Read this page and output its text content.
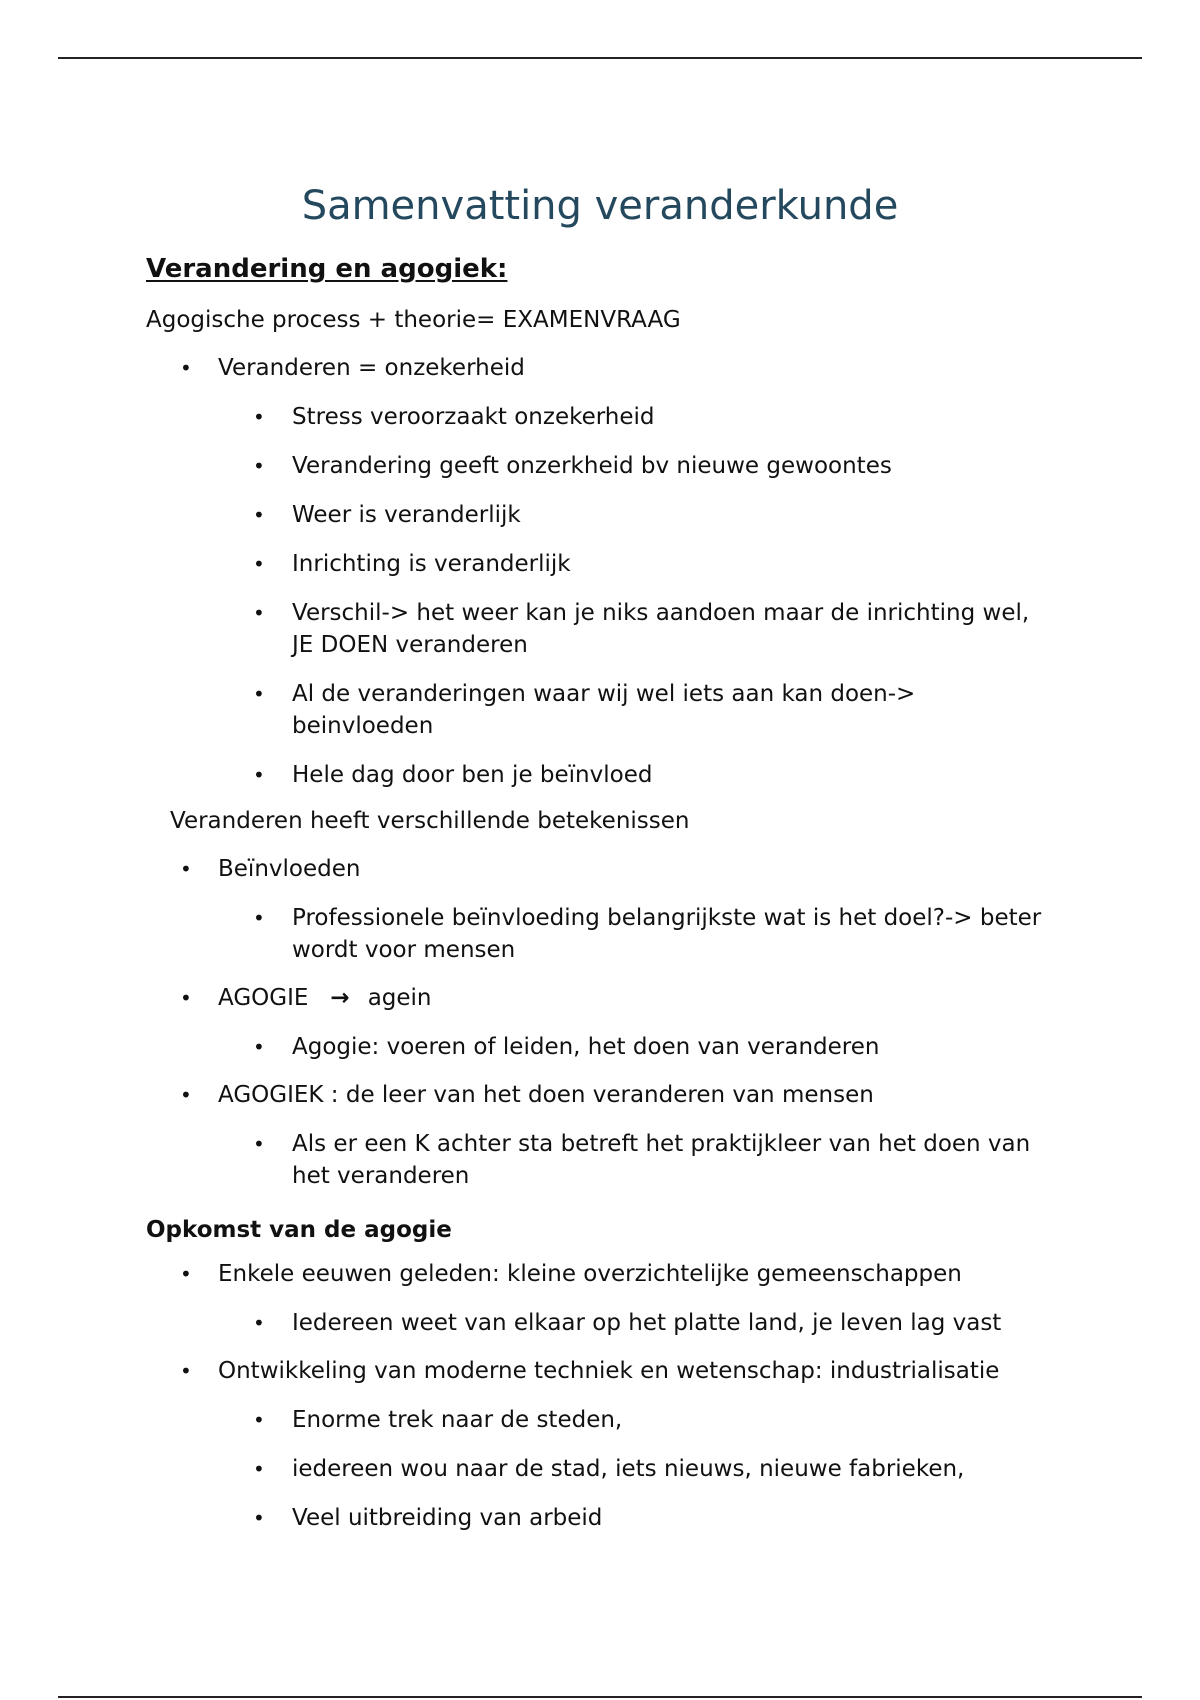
Samenvatting veranderkunde
Verandering en agogiek:

Agogische process + theorie= EXAMENVRAAG

• Veranderen = onzekerheid
• Stress veroorzaakt onzekerheid
• Verandering geeft onzerkheid bv nieuwe gewoontes
• Weer is veranderlijk
• Inrichting is veranderlijk
• Verschil-> het weer kan je niks aandoen maar de inrichting wel, JE DOEN veranderen
• Al de veranderingen waar wij wel iets aan kan doen-> beinvloeden
• Hele dag door ben je beïnvloed

Veranderen heeft verschillende betekenissen

• Beïnvloeden
• Professionele beïnvloeding belangrijkste wat is het doel?-> beter wordt voor mensen
• AGOGIE → agein
• Agogie: voeren of leiden, het doen van veranderen
• AGOGIEK : de leer van het doen veranderen van mensen
• Als er een K achter sta betreft het praktijkleer van het doen van het veranderen
Opkomst van de agogie
• Enkele eeuwen geleden: kleine overzichtelijke gemeenschappen
• Iedereen weet van elkaar op het platte land, je leven lag vast
• Ontwikkeling van moderne techniek en wetenschap: industrialisatie
• Enorme trek naar de steden,
• iedereen wou naar de stad, iets nieuws, nieuwe fabrieken,
• Veel uitbreiding van arbeid
